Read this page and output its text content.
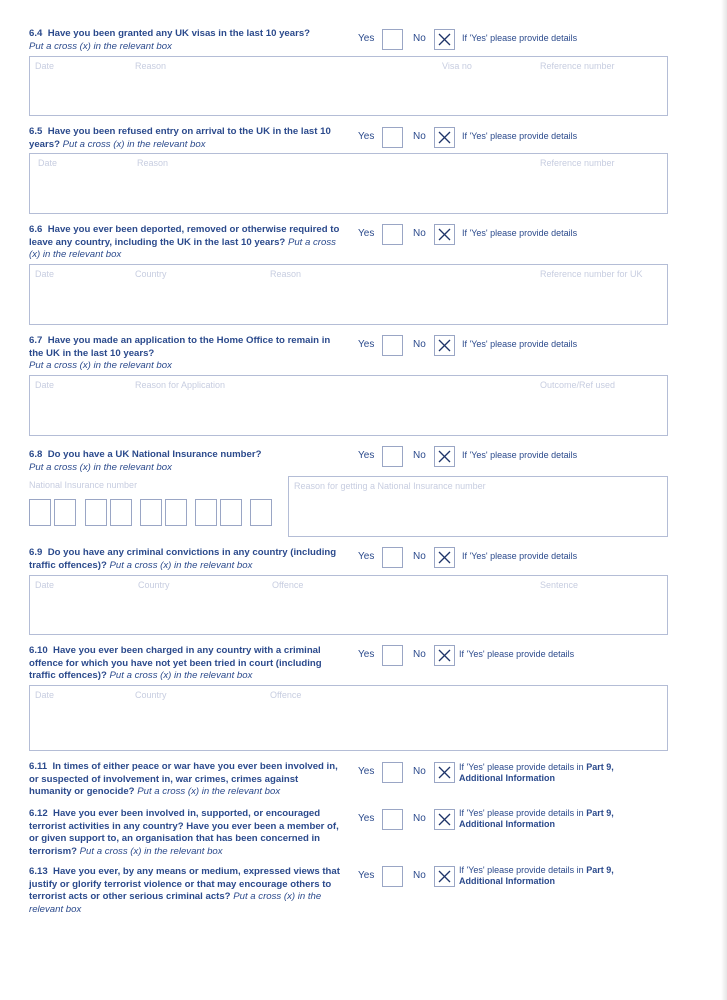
6.4 Have you been granted any UK visas in the last 10 years?
Put a cross (x) in the relevant box
Yes	No	If 'Yes' please provide details
Date	Reason	Visa no	Reference number
6.5 Have you been refused entry on arrival to the UK in the last 10 years? Put a cross (x) in the relevant box
Yes	No	If 'Yes' please provide details
Date	Reason	Reference number
6.6 Have you ever been deported, removed or otherwise required to leave any country, including the UK in the last 10 years? Put a cross (x) in the relevant box
Yes	No	If 'Yes' please provide details
Date	Country	Reason	Reference number for UK
6.7 Have you made an application to the Home Office to remain in the UK in the last 10 years?
Put a cross (x) in the relevant box
Yes	No	If 'Yes' please provide details
Date	Reason for Application	Outcome/Ref used
6.8 Do you have a UK National Insurance number?
Put a cross (x) in the relevant box
Yes	No	If 'Yes' please provide details
National Insurance number	Reason for getting a National Insurance number
6.9 Do you have any criminal convictions in any country (including traffic offences)? Put a cross (x) in the relevant box
Yes	No	If 'Yes' please provide details
Date	Country	Offence	Sentence
6.10 Have you ever been charged in any country with a criminal offence for which you have not yet been tried in court (including traffic offences)? Put a cross (x) in the relevant box
Yes	No	If 'Yes' please provide details
Date	Country	Offence
6.11 In times of either peace or war have you ever been involved in, or suspected of involvement in, war crimes, crimes against humanity or genocide? Put a cross (x) in the relevant box
Yes	No	If 'Yes' please provide details in Part 9, Additional Information
6.12 Have you ever been involved in, supported, or encouraged terrorist activities in any country? Have you ever been a member of, or given support to, an organisation that has been concerned in terrorism? Put a cross (x) in the relevant box
Yes	No	If 'Yes' please provide details in Part 9, Additional Information
6.13 Have you ever, by any means or medium, expressed views that justify or glorify terrorist violence or that may encourage others to terrorist acts or other serious criminal acts? Put a cross (x) in the relevant box
Yes	No	If 'Yes' please provide details in Part 9, Additional Information
